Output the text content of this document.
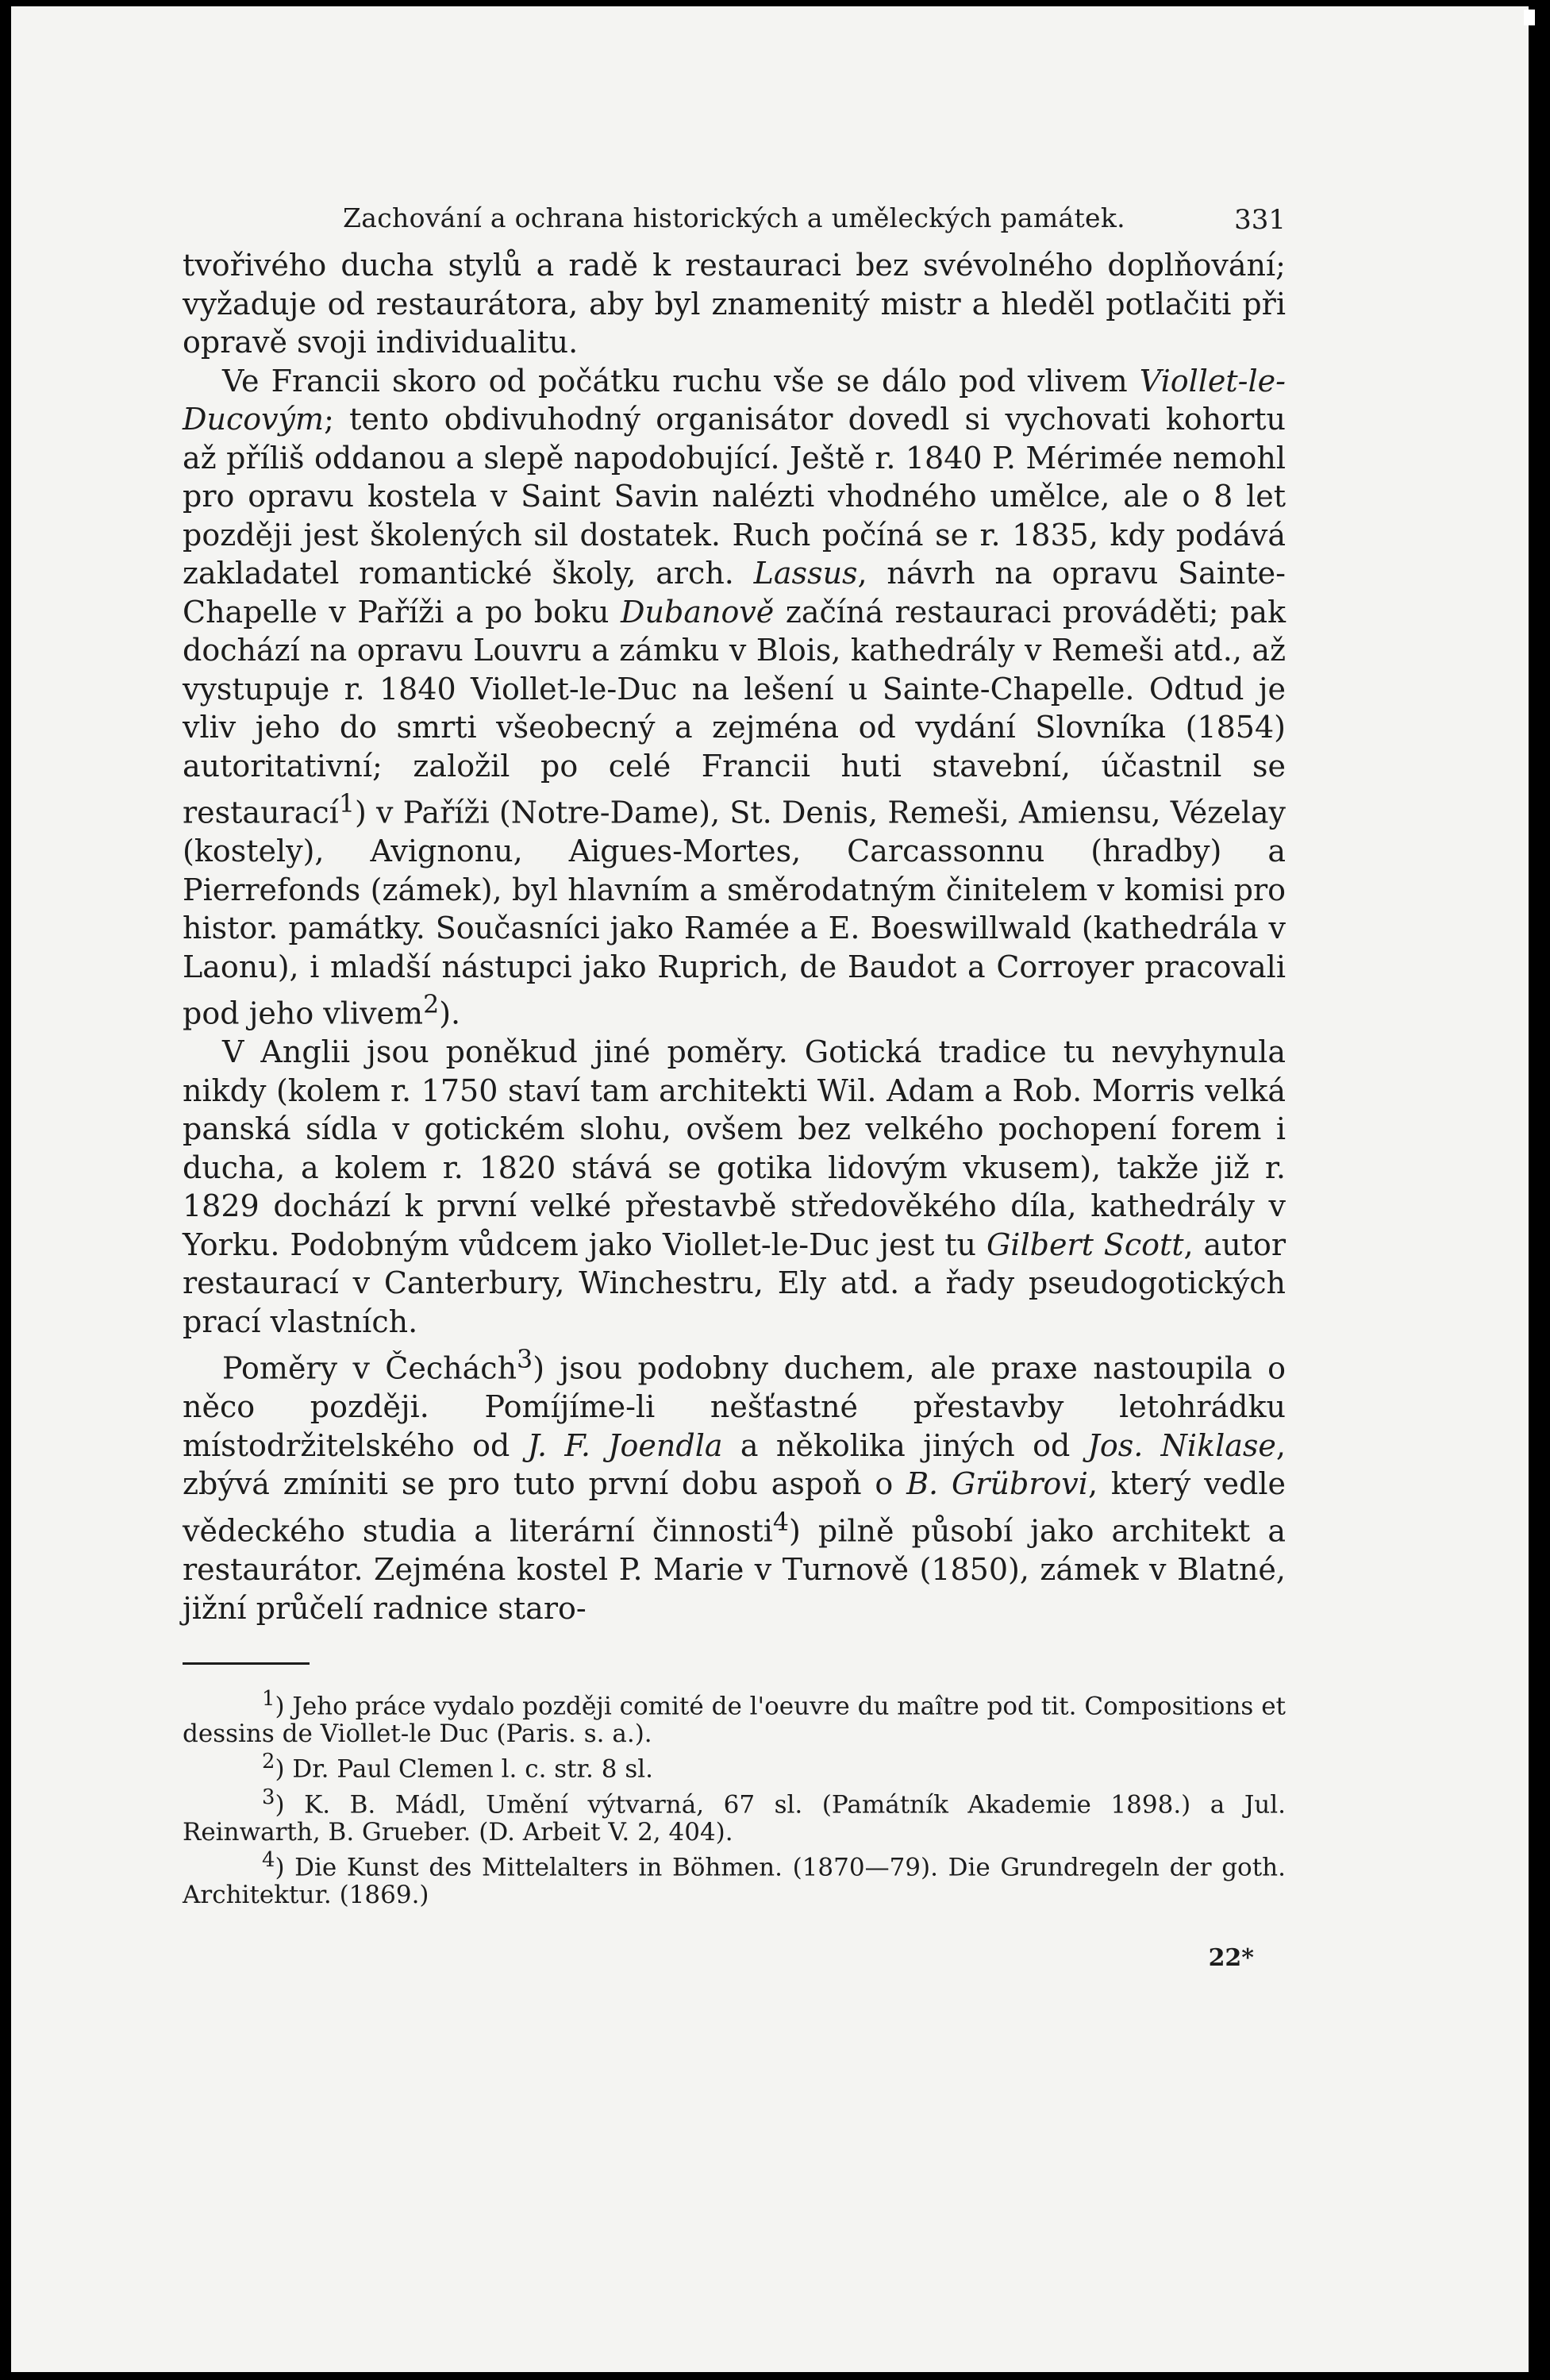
Zachování a ochrana historických a uměleckých památek.	331

tvořivého ducha stylů a radě k restauraci bez svévolného doplňování; vyžaduje od restaurátora, aby byl znamenitý mistr a hleděl potlačiti při opravě svoji individualitu.

Ve Francii skoro od počátku ruchu vše se dálo pod vlivem Viollet-le-Ducovým; tento obdivuhodný organisátor dovedl si vychovati kohortu až příliš oddanou a slepě napodobující. Ještě r. 1840 P. Mérimée nemohl pro opravu kostela v Saint Savin nalézti vhodného umělce, ale o 8 let později jest školených sil dostatek. Ruch počíná se r. 1835, kdy podává zakladatel romantické školy, arch. Lassus, návrh na opravu Sainte-Chapelle v Paříži a po boku Dubanově začíná restauraci prováděti; pak dochází na opravu Louvru a zámku v Blois, kathedrály v Remeši atd., až vystupuje r. 1840 Viollet-le-Duc na lešení u Sainte-Chapelle. Odtud je vliv jeho do smrti všeobecný a zejména od vydání Slovníka (1854) autoritativní; založil po celé Francii huti stavební, účastnil se restaurací$^1$) v Paříži (Notre-Dame), St. Denis, Remeši, Amiensu, Vézelay (kostely), Avignonu, Aigues-Mortes, Carcassonnu (hradby) a Pierrefonds (zámek), byl hlavním a směrodatným činitelem v komisi pro histor. památky. Současníci jako Ramée a E. Boeswillwald (kathedrála v Laonu), i mladší nástupci jako Ruprich, de Baudot a Corroyer pracovali pod jeho vlivem$^2$).

V Anglii jsou poněkud jiné poměry. Gotická tradice tu nevyhynula nikdy (kolem r. 1750 staví tam architekti Wil. Adam a Rob. Morris velká panská sídla v gotickém slohu, ovšem bez velkého pochopení forem i ducha, a kolem r. 1820 stává se gotika lidovým vkusem), takže již r. 1829 dochází k první velké přestavbě středověkého díla, kathedrály v Yorku. Podobným vůdcem jako Viollet-le-Duc jest tu Gilbert Scott, autor restaurací v Canterbury, Winchestru, Ely atd. a řady pseudogotických prací vlastních.

Poměry v Čechách$^3$) jsou podobny duchem, ale praxe nastoupila o něco později. Pomíjíme-li nešťastné přestavby letohrádku místodržitelského od J. F. Joendla a několika jiných od Jos. Niklase, zbývá zmíniti se pro tuto první dobu aspoň o B. Grübrovi, který vedle vědeckého studia a literární činnosti$^4$) pilně působí jako architekt a restaurátor. Zejména kostel P. Marie v Turnově (1850), zámek v Blatné, jižní průčelí radnice staro-

$^1$) Jeho práce vydalo později comité de l'oeuvre du maître pod tit. Compositions et dessins de Viollet-le Duc (Paris. s. a.).

$^2$) Dr. Paul Clemen l. c. str. 8 sl.

$^3$) K. B. Mádl, Umění výtvarná, 67 sl. (Památník Akademie 1898.) a Jul. Reinwarth, B. Grueber. (D. Arbeit V. 2, 404).

$^4$) Die Kunst des Mittelalters in Böhmen. (1870—79). Die Grundregeln der goth. Architektur. (1869.)

22*
